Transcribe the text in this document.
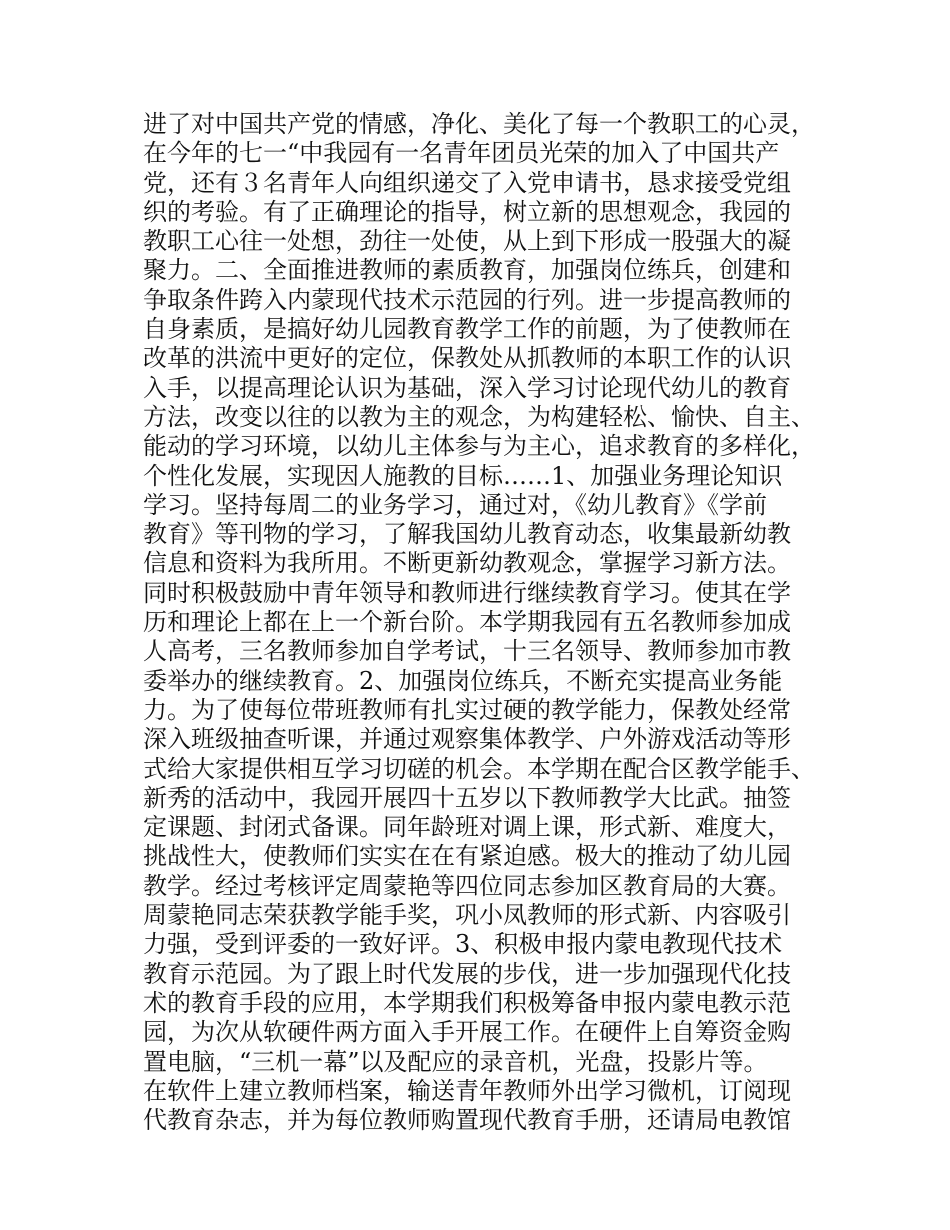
进了对中国共产党的情感，净化、美化了每一个教职工的心灵，
在今年的七一“中我园有一名青年团员光荣的加入了中国共产
党，还有３名青年人向组织递交了入党申请书，恳求接受党组
织的考验。有了正确理论的指导，树立新的思想观念，我园的
教职工心往一处想，劲往一处使，从上到下形成一股强大的凝
聚力。二、全面推进教师的素质教育，加强岗位练兵，创建和
争取条件跨入内蒙现代技术示范园的行列。进一步提高教师的
自身素质，是搞好幼儿园教育教学工作的前题，为了使教师在
改革的洪流中更好的定位，保教处从抓教师的本职工作的认识
入手，以提高理论认识为基础，深入学习讨论现代幼儿的教育
方法，改变以往的以教为主的观念，为构建轻松、愉快、自主、
能动的学习环境，以幼儿主体参与为主心，追求教育的多样化，
个性化发展，实现因人施教的目标……1、加强业务理论知识
学习。坚持每周二的业务学习，通过对，《幼儿教育》《学前
教育》等刊物的学习，了解我国幼儿教育动态，收集最新幼教
信息和资料为我所用。不断更新幼教观念，掌握学习新方法。
同时积极鼓励中青年领导和教师进行继续教育学习。使其在学
历和理论上都在上一个新台阶。本学期我园有五名教师参加成
人高考，三名教师参加自学考试，十三名领导、教师参加市教
委举办的继续教育。2、加强岗位练兵，不断充实提高业务能
力。为了使每位带班教师有扎实过硬的教学能力，保教处经常
深入班级抽查听课，并通过观察集体教学、户外游戏活动等形
式给大家提供相互学习切磋的机会。本学期在配合区教学能手、
新秀的活动中，我园开展四十五岁以下教师教学大比武。抽签
定课题、封闭式备课。同年龄班对调上课，形式新、难度大，
挑战性大，使教师们实实在在有紧迫感。极大的推动了幼儿园
教学。经过考核评定周蒙艳等四位同志参加区教育局的大赛。
周蒙艳同志荣获教学能手奖，巩小凤教师的形式新、内容吸引
力强，受到评委的一致好评。3、积极申报内蒙电教现代技术
教育示范园。为了跟上时代发展的步伐，进一步加强现代化技
术的教育手段的应用，本学期我们积极筹备申报内蒙电教示范
园，为次从软硬件两方面入手开展工作。在硬件上自筹资金购
置电脑，“三机一幕”以及配应的录音机，光盘，投影片等。
在软件上建立教师档案，输送青年教师外出学习微机，订阅现
代教育杂志，并为每位教师购置现代教育手册，还请局电教馆
